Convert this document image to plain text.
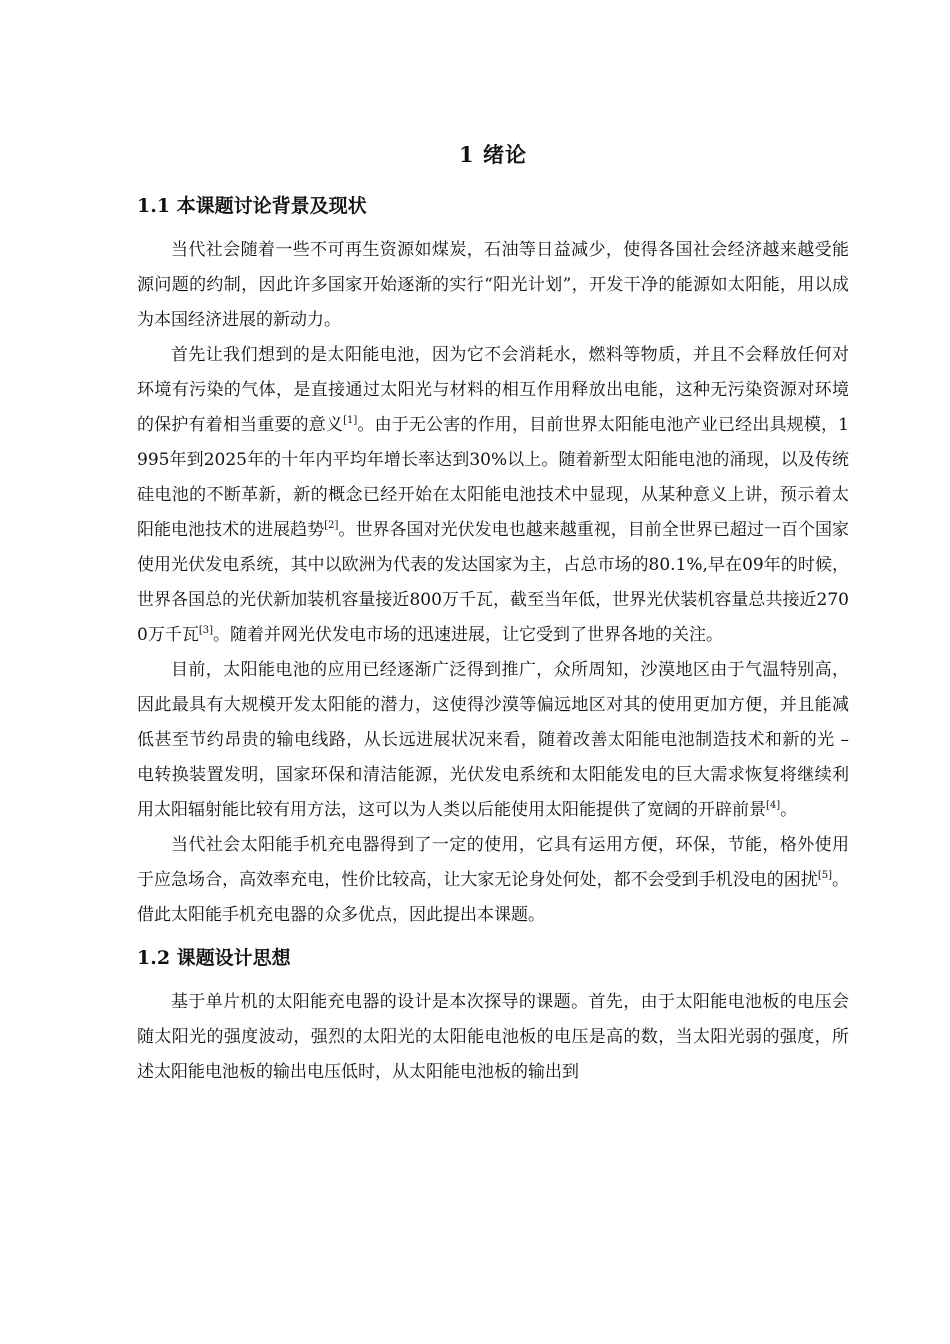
1 绪论
1.1 本课题讨论背景及现状

当代社会随着一些不可再生资源如煤炭，石油等日益减少，使得各国社会经济越来越受能源问题的约制，因此许多国家开始逐渐的实行“阳光计划”，开发干净的能源如太阳能，用以成为本国经济进展的新动力。

首先让我们想到的是太阳能电池，因为它不会消耗水，燃料等物质，并且不会释放任何对环境有污染的气体，是直接通过太阳光与材料的相互作用释放出电能，这种无污染资源对环境的保护有着相当重要的意义[1]。由于无公害的作用，目前世界太阳能电池产业已经出具规模，1995年到2025年的十年内平均年增长率达到30%以上。随着新型太阳能电池的涌现，以及传统硅电池的不断革新，新的概念已经开始在太阳能电池技术中显现，从某种意义上讲，预示着太阳能电池技术的进展趋势[2]。世界各国对光伏发电也越来越重视，目前全世界已超过一百个国家使用光伏发电系统，其中以欧洲为代表的发达国家为主，占总市场的80.1%,早在09年的时候，世界各国总的光伏新加装机容量接近800万千瓦，截至当年低，世界光伏装机容量总共接近2700万千瓦[3]。随着并网光伏发电市场的迅速进展，让它受到了世界各地的关注。

目前，太阳能电池的应用已经逐渐广泛得到推广，众所周知，沙漠地区由于气温特别高，因此最具有大规模开发太阳能的潜力，这使得沙漠等偏远地区对其的使用更加方便，并且能减低甚至节约昂贵的输电线路，从长远进展状况来看，随着改善太阳能电池制造技术和新的光 – 电转换装置发明，国家环保和清洁能源，光伏发电系统和太阳能发电的巨大需求恢复将继续利用太阳辐射能比较有用方法，这可以为人类以后能使用太阳能提供了宽阔的开辟前景[4]。

当代社会太阳能手机充电器得到了一定的使用，它具有运用方便，环保，节能，格外使用于应急场合，高效率充电，性价比较高，让大家无论身处何处，都不会受到手机没电的困扰[5]。借此太阳能手机充电器的众多优点，因此提出本课题。

1.2 课题设计思想

基于单片机的太阳能充电器的设计是本次探导的课题。首先，由于太阳能电池板的电压会随太阳光的强度波动，强烈的太阳光的太阳能电池板的电压是高的数，当太阳光弱的强度，所述太阳能电池板的输出电压低时，从太阳能电池板的输出到
